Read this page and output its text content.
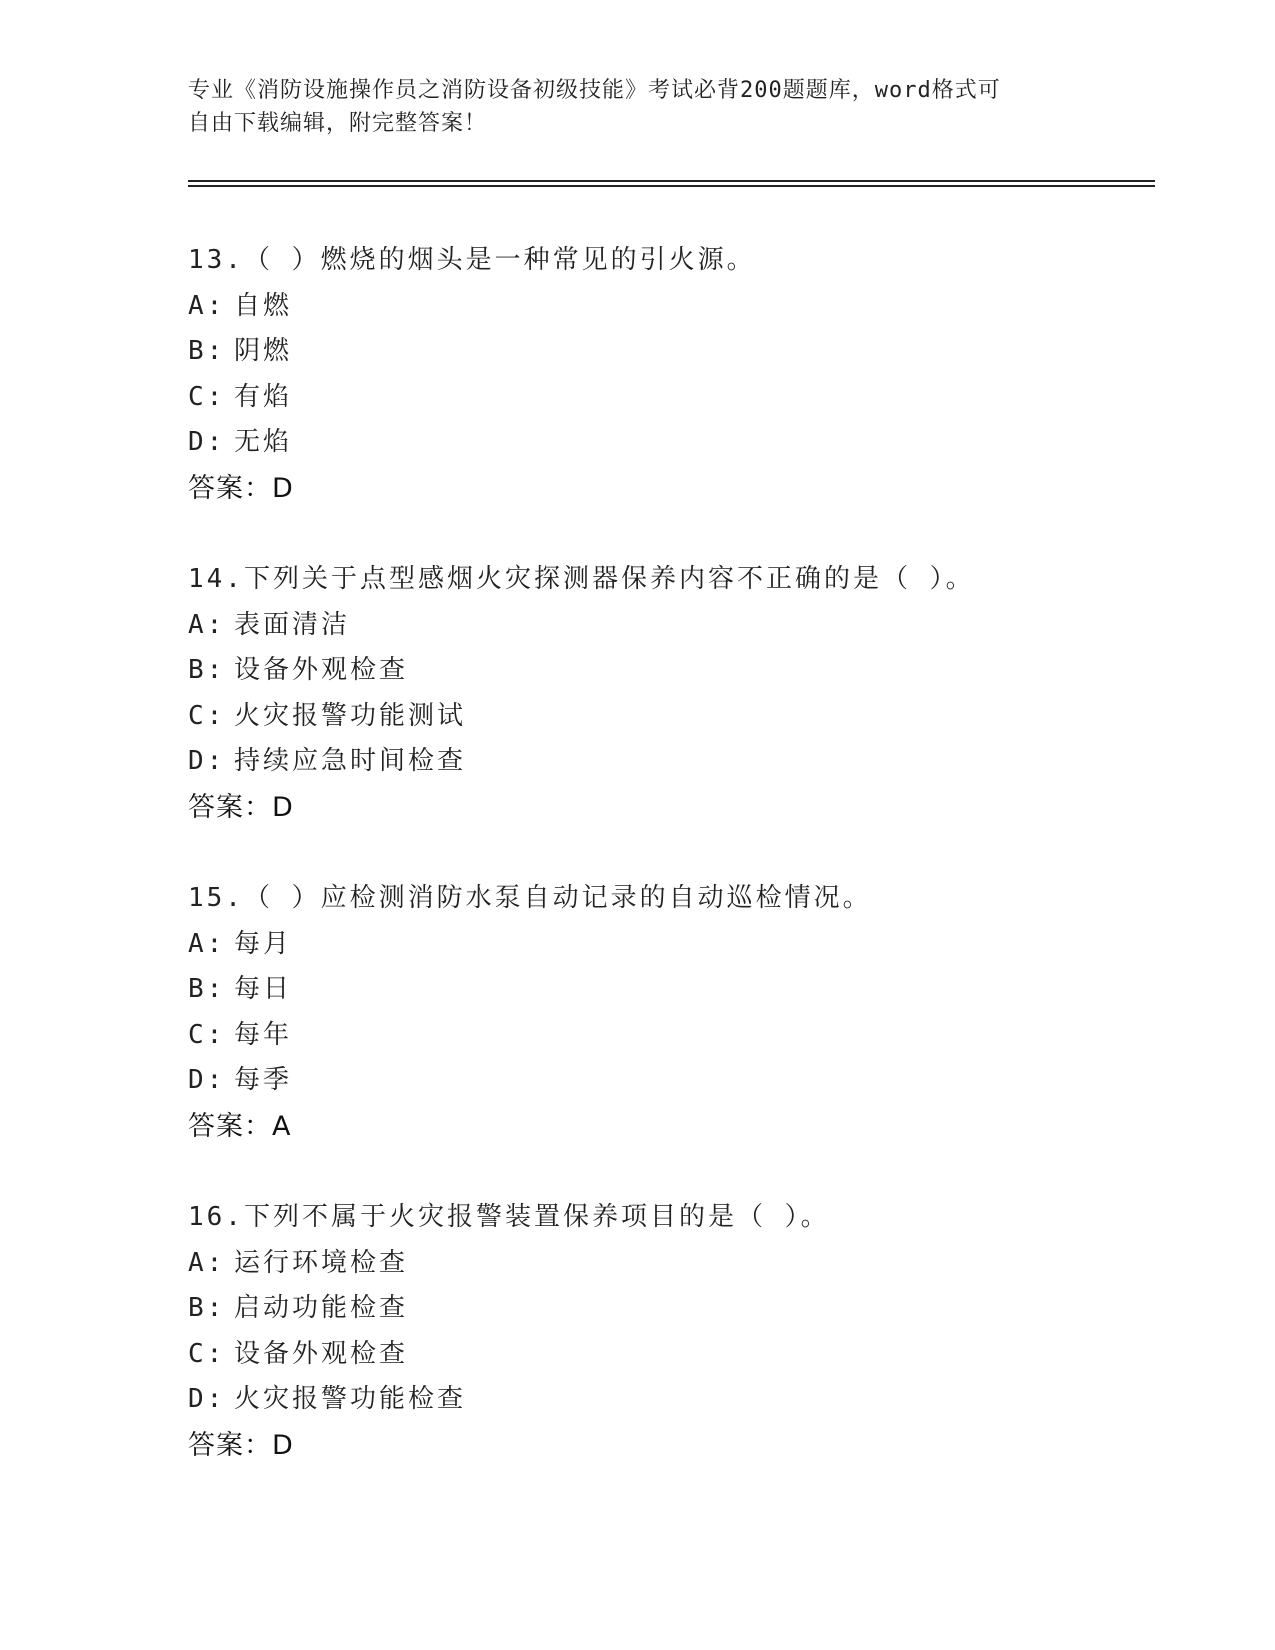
专业《消防设施操作员之消防设备初级技能》考试必背200题题库，word格式可
自由下载编辑，附完整答案！
13.（ ）燃烧的烟头是一种常见的引火源。
A: 自燃
B: 阴燃
C: 有焰
D: 无焰
答案：D
14.下列关于点型感烟火灾探测器保养内容不正确的是（ ）。
A: 表面清洁
B: 设备外观检查
C: 火灾报警功能测试
D: 持续应急时间检查
答案：D
15.（ ）应检测消防水泵自动记录的自动巡检情况。
A: 每月
B: 每日
C: 每年
D: 每季
答案：A
16.下列不属于火灾报警装置保养项目的是（ ）。
A: 运行环境检查
B: 启动功能检查
C: 设备外观检查
D: 火灾报警功能检查
答案：D
